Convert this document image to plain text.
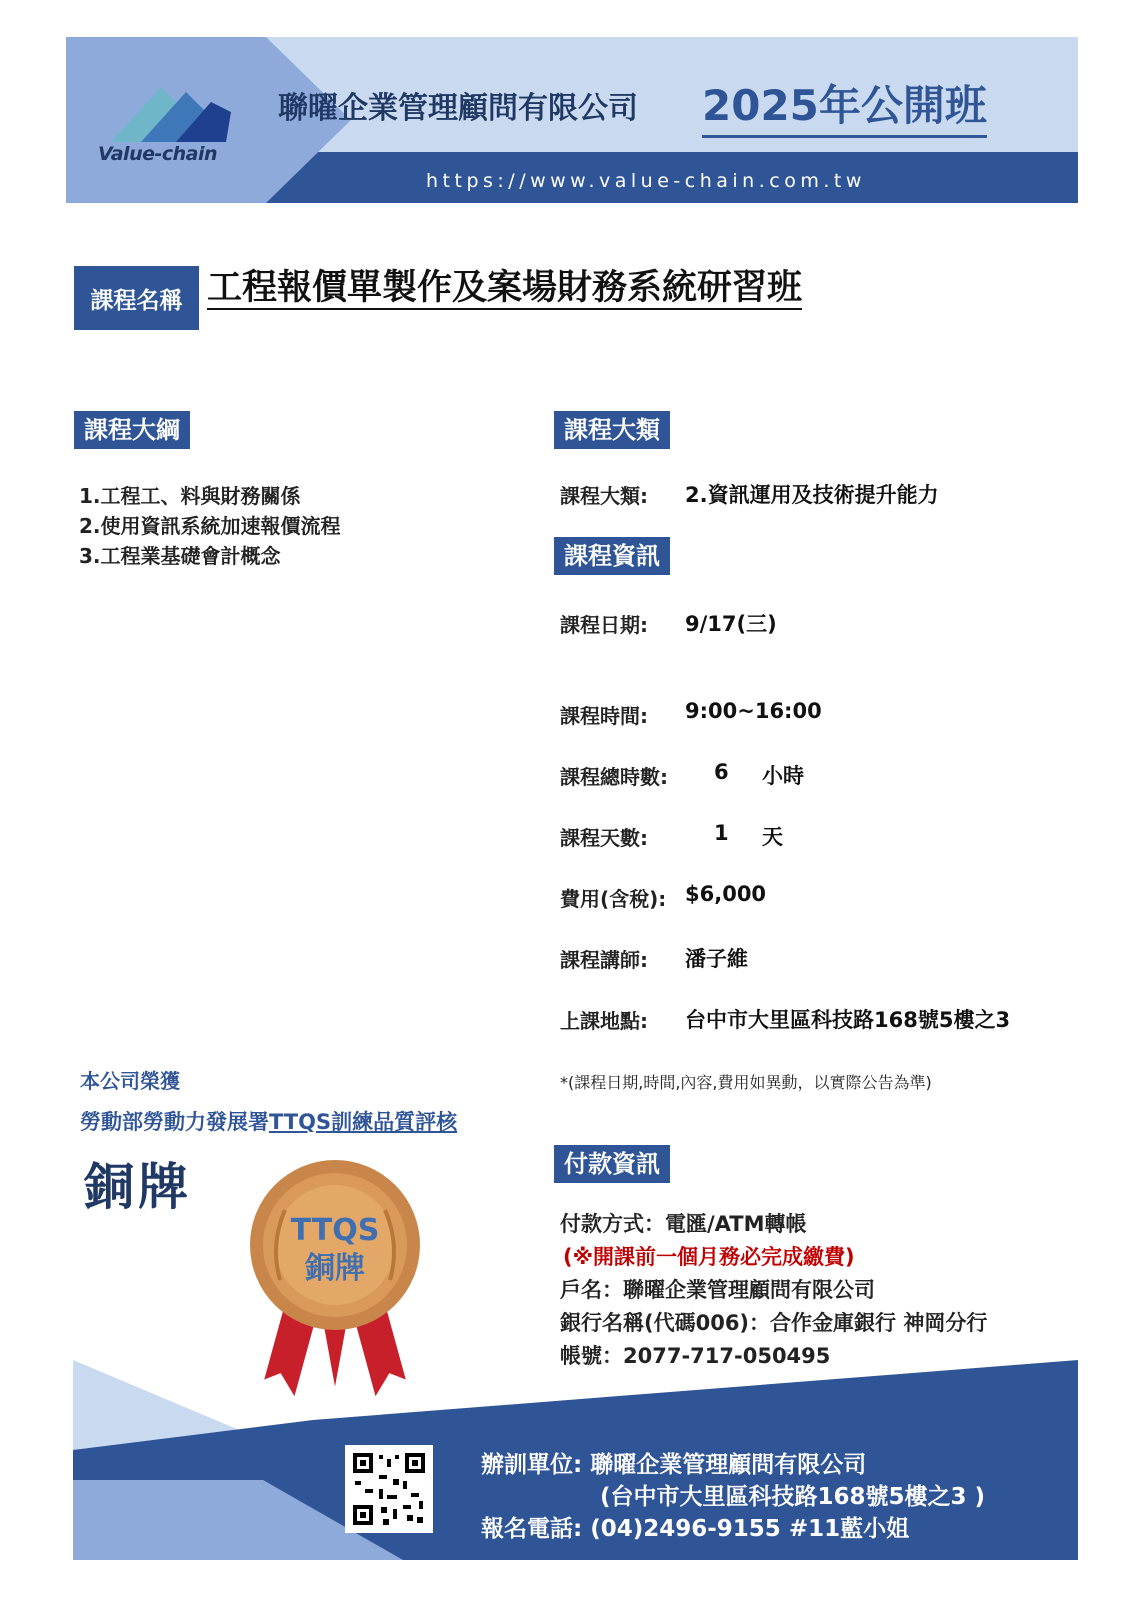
Value-chain
聯曜企業管理顧問有限公司 2025年公開班
https://www.value-chain.com.tw
課程名稱 工程報價單製作及案場財務系統研習班
課程大綱
1.工程工、料與財務關係
2.使用資訊系統加速報價流程
3.工程業基礎會計概念
課程大類
課程大類: 2.資訊運用及技術提升能力
課程資訊
課程日期: 9/17(三)
課程時間: 9:00~16:00
課程總時數: 6 小時
課程天數:	1 天
費用(含稅): $6,000
課程講師: 潘子維
上課地點: 台中市大里區科技路168號5樓之3
*(課程日期,時間,內容,費用如異動，以實際公告為準)
付款資訊
付款方式：電匯/ATM轉帳
(※開課前一個月務必完成繳費)
戶名：聯曜企業管理顧問有限公司
銀行名稱(代碼006)：合作金庫銀行 神岡分行
帳號：2077-717-050495
本公司榮獲
勞動部勞動力發展署TTQS訓練品質評核
銅牌
TTQS
銅牌
辦訓單位: 聯曜企業管理顧問有限公司
(台中市大里區科技路168號5樓之3 )
報名電話: (04)2496-9155 #11藍小姐
